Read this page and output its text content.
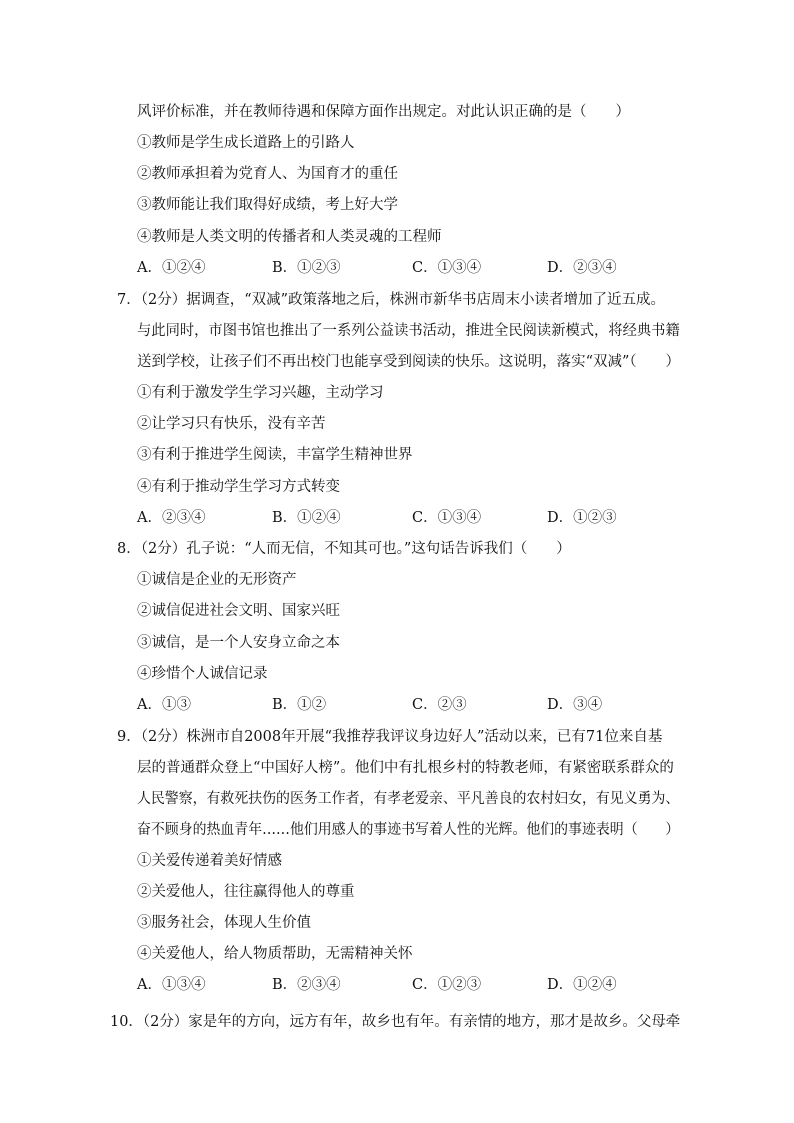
风评价标准，并在教师待遇和保障方面作出规定。对此认识正确的是（　　）
①教师是学生成长道路上的引路人
②教师承担着为党育人、为国育才的重任
③教师能让我们取得好成绩，考上好大学
④教师是人类文明的传播者和人类灵魂的工程师
A．①②④	B．①②③	C．①③④	D．②③④
7．（2分）据调查，“双减”政策落地之后，株洲市新华书店周末小读者增加了近五成。
与此同时，市图书馆也推出了一系列公益读书活动，推进全民阅读新模式，将经典书籍
送到学校，让孩子们不再出校门也能享受到阅读的快乐。这说明，落实“双减”（　　）
①有利于激发学生学习兴趣，主动学习
②让学习只有快乐，没有辛苦
③有利于推进学生阅读，丰富学生精神世界
④有利于推动学生学习方式转变
A．②③④	B．①②④	C．①③④	D．①②③
8．（2分）孔子说：“人而无信，不知其可也。”这句话告诉我们（　　）
①诚信是企业的无形资产
②诚信促进社会文明、国家兴旺
③诚信，是一个人安身立命之本
④珍惜个人诚信记录
A．①③	B．①②	C．②③	D．③④
9．（2分）株洲市自2008年开展“我推荐我评议身边好人”活动以来，已有71位来自基
层的普通群众登上“中国好人榜”。他们中有扎根乡村的特教老师，有紧密联系群众的
人民警察，有救死扶伤的医务工作者，有孝老爱亲、平凡善良的农村妇女，有见义勇为、
奋不顾身的热血青年……他们用感人的事迹书写着人性的光辉。他们的事迹表明（　　）
①关爱传递着美好情感
②关爱他人，往往赢得他人的尊重
③服务社会，体现人生价值
④关爱他人，给人物质帮助，无需精神关怀
A．①③④	B．②③④	C．①②③	D．①②④
10．（2分）家是年的方向，远方有年，故乡也有年。有亲情的地方，那才是故乡。父母牵
